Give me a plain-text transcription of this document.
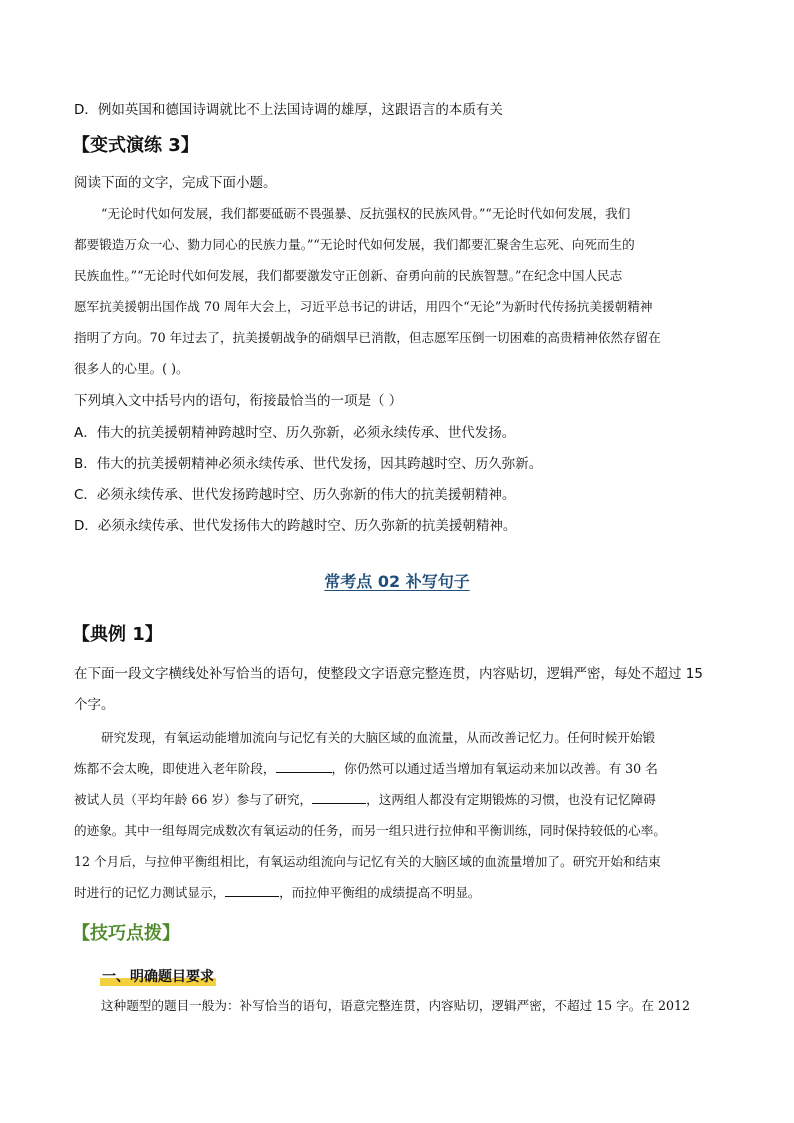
D．例如英国和德国诗调就比不上法国诗调的雄厚，这跟语言的本质有关
【变式演练 3】
阅读下面的文字，完成下面小题。
“无论时代如何发展，我们都要砥砺不畏强暴、反抗强权的民族风骨。”“无论时代如何发展，我们
都要锻造万众一心、勠力同心的民族力量。”“无论时代如何发展，我们都要汇聚舍生忘死、向死而生的
民族血性。”“无论时代如何发展，我们都要激发守正创新、奋勇向前的民族智慧。”在纪念中国人民志
愿军抗美援朝出国作战 70 周年大会上，习近平总书记的讲话，用四个“无论”为新时代传扬抗美援朝精神
指明了方向。70 年过去了，抗美援朝战争的硝烟早已消散，但志愿军压倒一切困难的高贵精神依然存留在
很多人的心里。( )。
下列填入文中括号内的语句，衔接最恰当的一项是（ ）
A．伟大的抗美援朝精神跨越时空、历久弥新，必须永续传承、世代发扬。
B．伟大的抗美援朝精神必须永续传承、世代发扬，因其跨越时空、历久弥新。
C．必须永续传承、世代发扬跨越时空、历久弥新的伟大的抗美援朝精神。
D．必须永续传承、世代发扬伟大的跨越时空、历久弥新的抗美援朝精神。
常考点 02 补写句子
【典例 1】
在下面一段文字横线处补写恰当的语句，使整段文字语意完整连贯，内容贴切，逻辑严密，每处不超过 15
个字。
研究发现，有氧运动能增加流向与记忆有关的大脑区域的血流量，从而改善记忆力。任何时候开始锻
炼都不会太晚，即使进入老年阶段，	，你仍然可以通过适当增加有氧运动来加以改善。有 30 名
被试人员（平均年龄 66 岁）参与了研究，	，这两组人都没有定期锻炼的习惯，也没有记忆障碍
的迹象。其中一组每周完成数次有氧运动的任务，而另一组只进行拉伸和平衡训练，同时保持较低的心率。
12 个月后，与拉伸平衡组相比，有氧运动组流向与记忆有关的大脑区域的血流量增加了。研究开始和结束
时进行的记忆力测试显示，	，而拉伸平衡组的成绩提高不明显。
【技巧点拨】
一、明确题目要求
这种题型的题目一般为：补写恰当的语句，语意完整连贯，内容贴切，逻辑严密，不超过 15 字。在 2012
